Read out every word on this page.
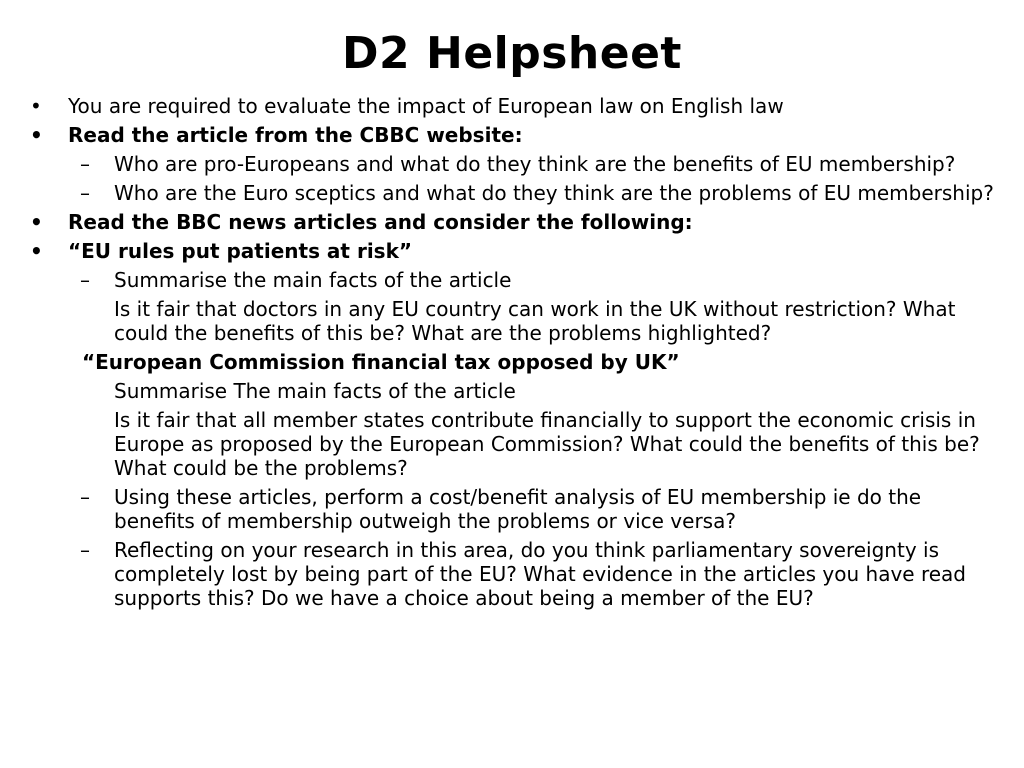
D2 Helpsheet
• You are required to evaluate the impact of European law on English law
• Read the article from the CBBC website:
– Who are pro-Europeans and what do they think are the benefits of EU membership?
– Who are the Euro sceptics and what do they think are the problems of EU membership?
• Read the BBC news articles and consider the following:
• “EU rules put patients at risk”
– Summarise the main facts of the article
Is it fair that doctors in any EU country can work in the UK without restriction? What could the benefits of this be? What are the problems highlighted?
“European Commission financial tax opposed by UK”
Summarise The main facts of the article
Is it fair that all member states contribute financially to support the economic crisis in Europe as proposed by the European Commission? What could the benefits of this be? What could be the problems?
– Using these articles, perform a cost/benefit analysis of EU membership ie do the benefits of membership outweigh the problems or vice versa?
– Reflecting on your research in this area, do you think parliamentary sovereignty is completely lost by being part of the EU? What evidence in the articles you have read supports this? Do we have a choice about being a member of the EU?
